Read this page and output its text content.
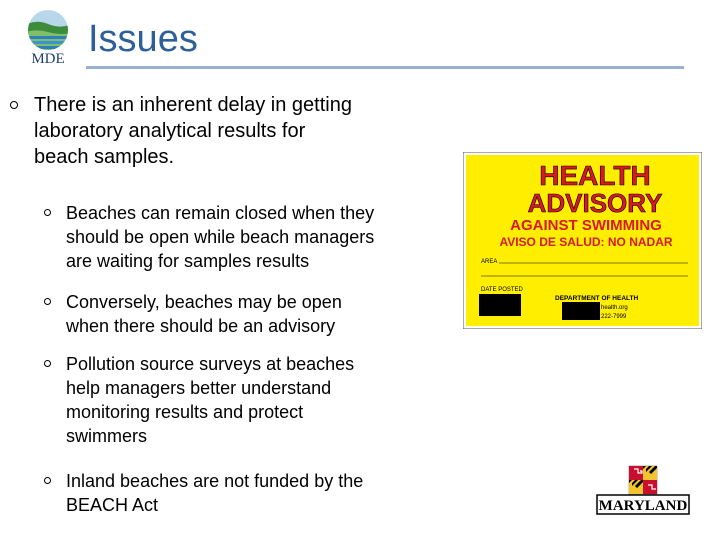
MDE Issues
There is an inherent delay in getting
laboratory analytical results for
beach samples.
Beaches can remain closed when they
should be open while beach managers
are waiting for samples results
Conversely, beaches may be open
when there should be an advisory
Pollution source surveys at beaches
help managers better understand
monitoring results and protect
swimmers
Inland beaches are not funded by the
BEACH Act
HEALTH
ADVISORY
AGAINST SWIMMING
AVISO DE SALUD: NO NADAR
AREA
DATE POSTED
DEPARTMENT OF HEALTH
health.org
222-7999
MARYLAND
